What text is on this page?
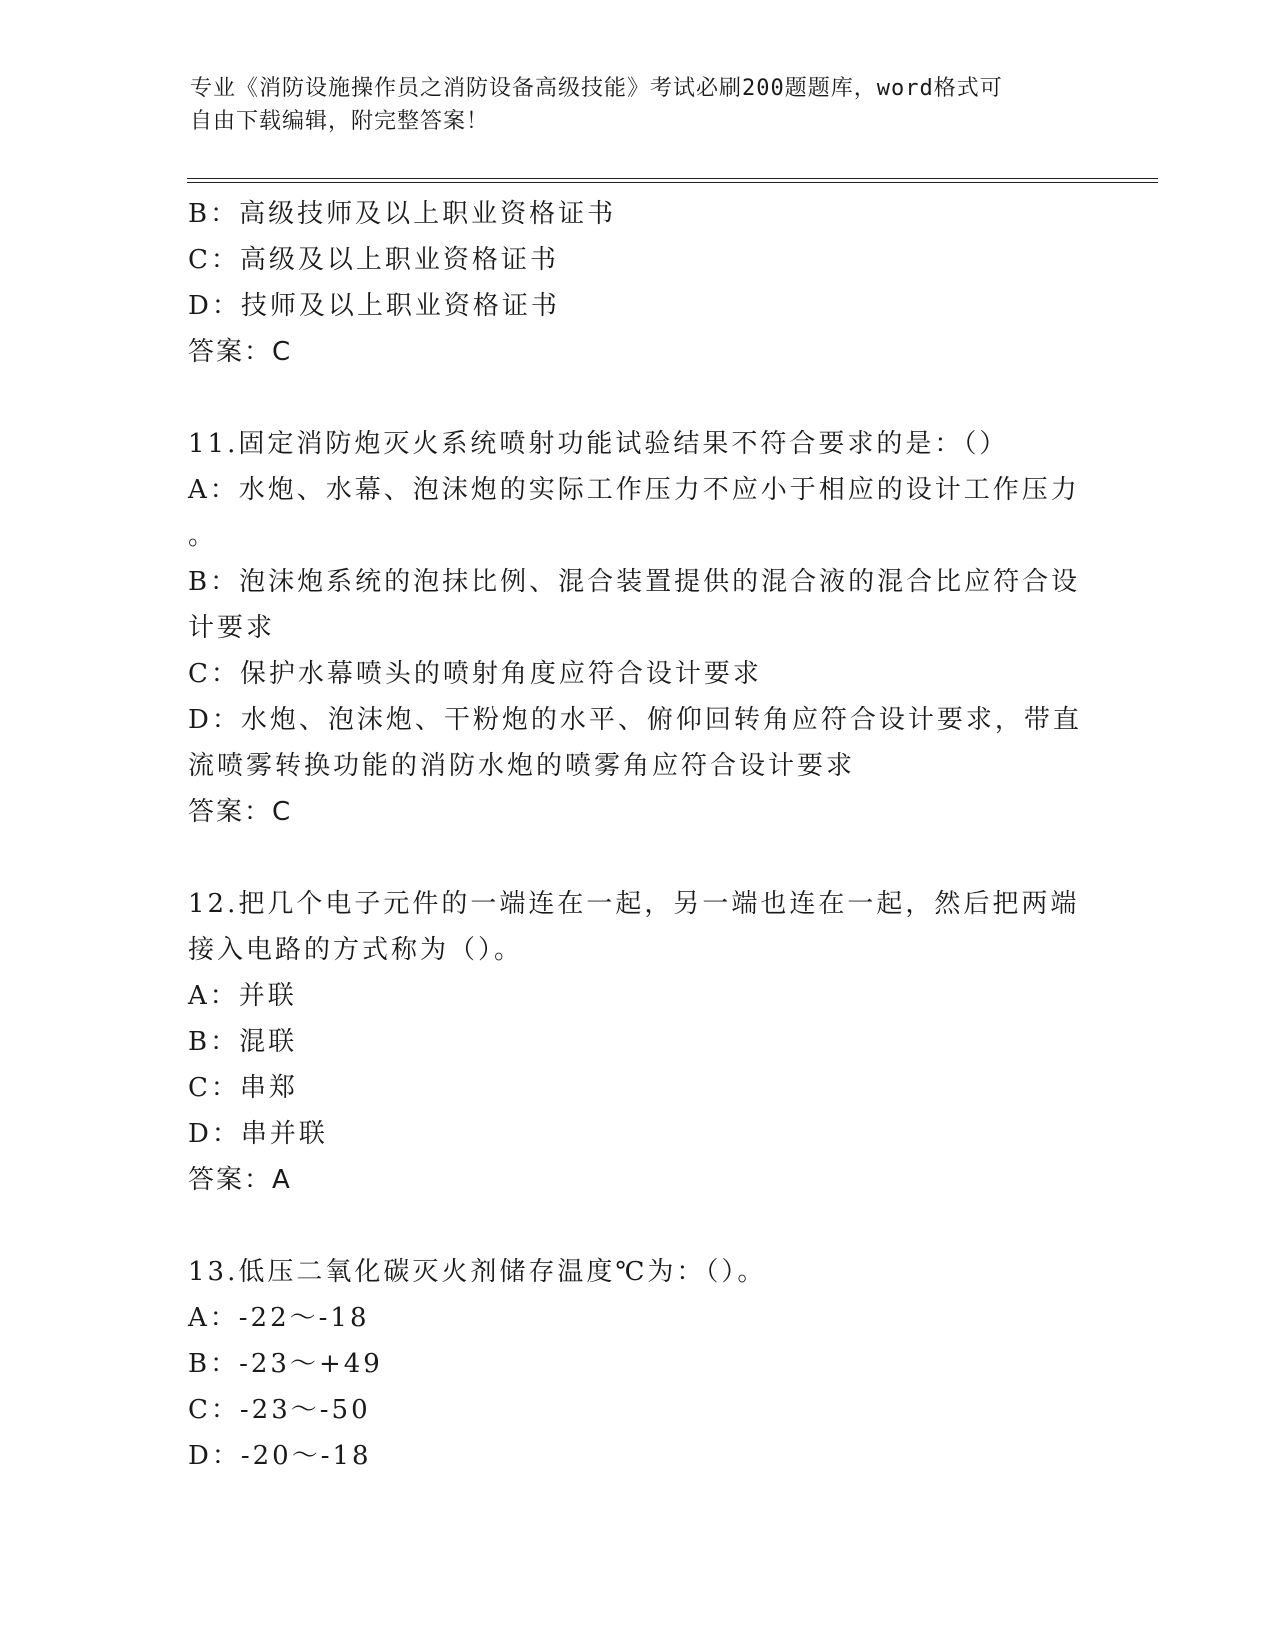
专业《消防设施操作员之消防设备高级技能》考试必刷200题题库，word格式可
自由下载编辑，附完整答案！
B：高级技师及以上职业资格证书
C：高级及以上职业资格证书
D：技师及以上职业资格证书
答案：C
11.固定消防炮灭火系统喷射功能试验结果不符合要求的是：（）
A：水炮、水幕、泡沫炮的实际工作压力不应小于相应的设计工作压力
。
B：泡沫炮系统的泡抹比例、混合装置提供的混合液的混合比应符合设
计要求
C：保护水幕喷头的喷射角度应符合设计要求
D：水炮、泡沫炮、干粉炮的水平、俯仰回转角应符合设计要求，带直
流喷雾转换功能的消防水炮的喷雾角应符合设计要求
答案：C
12.把几个电子元件的一端连在一起，另一端也连在一起，然后把两端
接入电路的方式称为（）。
A：并联
B：混联
C：串郑
D：串并联
答案：A
13.低压二氧化碳灭火剂储存温度℃为：（）。
A：-22～-18
B：-23～+49
C：-23～-50
D：-20～-18
